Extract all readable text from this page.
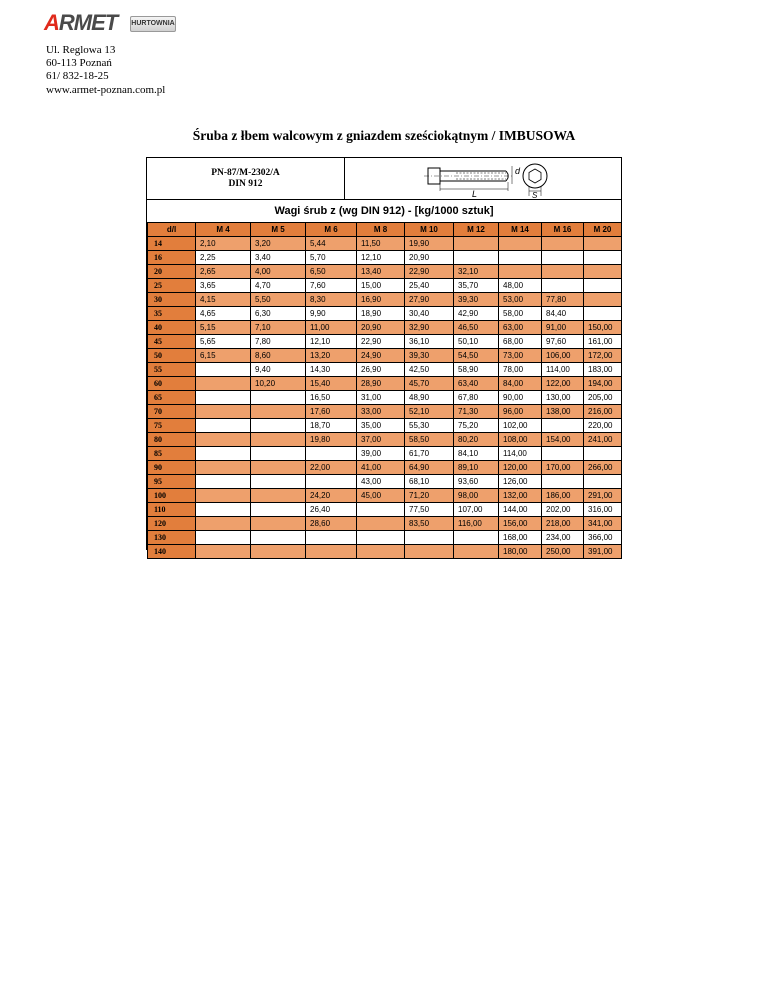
ARMET HURTOWNIA
Ul. Reglowa 13
60-113 Poznań
61/ 832-18-25
www.armet-poznan.com.pl
Śruba z łbem walcowym z gniazdem sześciokątnym / IMBUSOWA
PN-87/M-2302/A
DIN 912
L
d
S
Wagi śrub z (wg DIN 912) - [kg/1000 sztuk]
d/l	M 4	M 5	M 6	M 8	M 10	M 12	M 14	M 16	M 20
14	2,10	3,20	5,44	11,50	19,90				
16	2,25	3,40	5,70	12,10	20,90				
20	2,65	4,00	6,50	13,40	22,90	32,10			
25	3,65	4,70	7,60	15,00	25,40	35,70	48,00		
30	4,15	5,50	8,30	16,90	27,90	39,30	53,00	77,80	
35	4,65	6,30	9,90	18,90	30,40	42,90	58,00	84,40	
40	5,15	7,10	11,00	20,90	32,90	46,50	63,00	91,00	150,00
45	5,65	7,80	12,10	22,90	36,10	50,10	68,00	97,60	161,00
50	6,15	8,60	13,20	24,90	39,30	54,50	73,00	106,00	172,00
55		9,40	14,30	26,90	42,50	58,90	78,00	114,00	183,00
60		10,20	15,40	28,90	45,70	63,40	84,00	122,00	194,00
65			16,50	31,00	48,90	67,80	90,00	130,00	205,00
70			17,60	33,00	52,10	71,30	96,00	138,00	216,00
75			18,70	35,00	55,30	75,20	102,00		220,00
80			19,80	37,00	58,50	80,20	108,00	154,00	241,00
85				39,00	61,70	84,10	114,00		
90			22,00	41,00	64,90	89,10	120,00	170,00	266,00
95				43,00	68,10	93,60	126,00		
100			24,20	45,00	71,20	98,00	132,00	186,00	291,00
110			26,40		77,50	107,00	144,00	202,00	316,00
120			28,60		83,50	116,00	156,00	218,00	341,00
130							168,00	234,00	366,00
140							180,00	250,00	391,00
